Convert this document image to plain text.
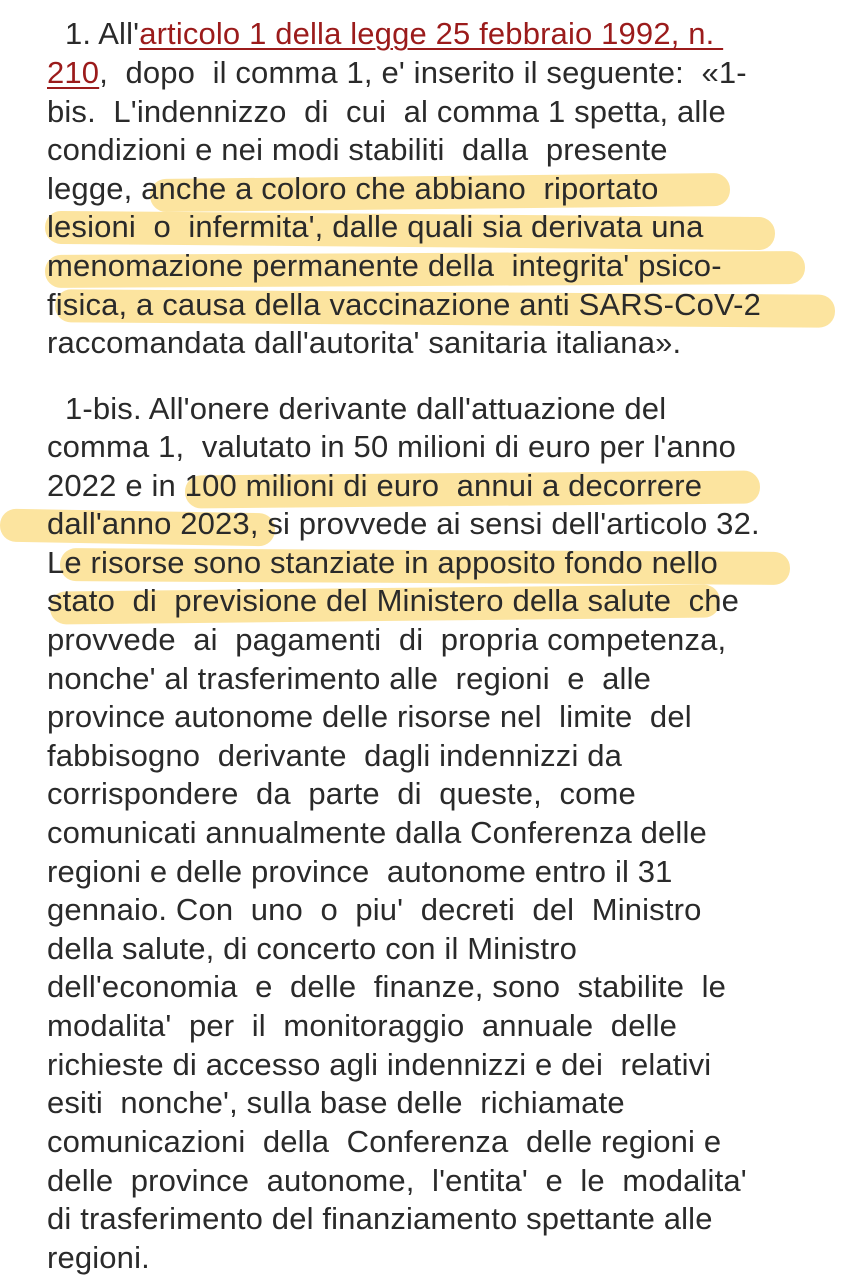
1. All'articolo 1 della legge 25 febbraio 1992, n.
210,  dopo  il comma 1, e' inserito il seguente:  «1-
bis.  L'indennizzo  di  cui  al comma 1 spetta, alle
condizioni e nei modi stabiliti  dalla  presente
legge, anche a coloro che abbiano  riportato
lesioni  o  infermita', dalle quali sia derivata una
menomazione permanente della  integrita' psico-
fisica, a causa della vaccinazione anti SARS-CoV-2
raccomandata dall'autorita' sanitaria italiana».
1-bis. All'onere derivante dall'attuazione del
comma 1,  valutato in 50 milioni di euro per l'anno
2022 e in 100 milioni di euro  annui a decorrere
dall'anno 2023, si provvede ai sensi dell'articolo 32.
Le risorse sono stanziate in apposito fondo nello
stato  di  previsione del Ministero della salute  che
provvede  ai  pagamenti  di  propria competenza,
nonche' al trasferimento alle  regioni  e  alle
province autonome delle risorse nel  limite  del
fabbisogno  derivante  dagli indennizzi da
corrispondere  da  parte  di  queste,  come
comunicati annualmente dalla Conferenza delle
regioni e delle province  autonome entro il 31
gennaio. Con  uno  o  piu'  decreti  del  Ministro
della salute, di concerto con il Ministro
dell'economia  e  delle  finanze, sono  stabilite  le
modalita'  per  il  monitoraggio  annuale  delle
richieste di accesso agli indennizzi e dei  relativi
esiti  nonche', sulla base delle  richiamate
comunicazioni  della  Conferenza  delle regioni e
delle  province  autonome,  l'entita'  e  le  modalita'
di trasferimento del finanziamento spettante alle
regioni.
